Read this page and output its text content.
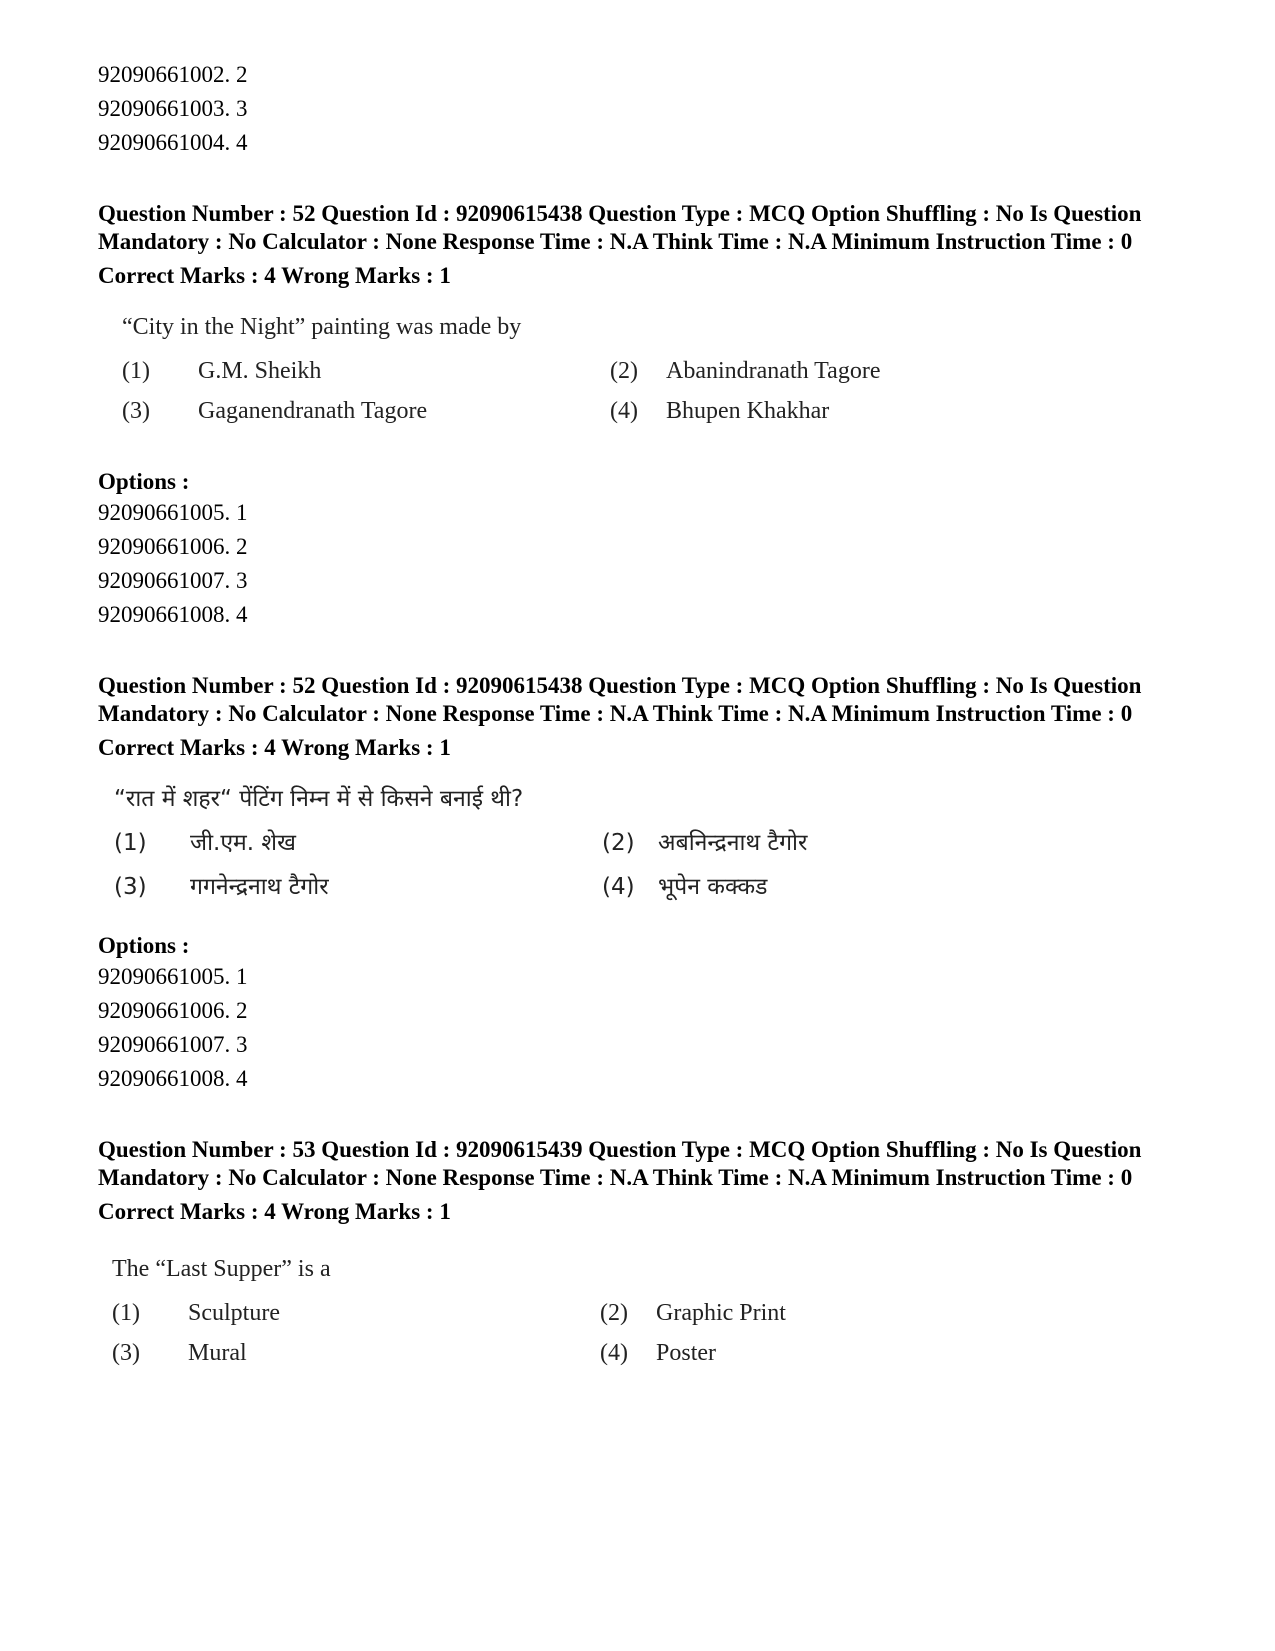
92090661002. 2
92090661003. 3
92090661004. 4
Question Number : 52 Question Id : 92090615438 Question Type : MCQ Option Shuffling : No Is Question Mandatory : No Calculator : None Response Time : N.A Think Time : N.A Minimum Instruction Time : 0
Correct Marks : 4 Wrong Marks : 1
“City in the Night” painting was made by
(1)	G.M. Sheikh	(2)	Abanindranath Tagore
(3)	Gaganendranath Tagore	(4)	Bhupen Khakhar
Options :
92090661005. 1
92090661006. 2
92090661007. 3
92090661008. 4
Question Number : 52 Question Id : 92090615438 Question Type : MCQ Option Shuffling : No Is Question Mandatory : No Calculator : None Response Time : N.A Think Time : N.A Minimum Instruction Time : 0
Correct Marks : 4 Wrong Marks : 1
“रात में शहर“ पेंटिंग निम्न में से किसने बनाई थी?
(1)	जी.एम. शेख	(2)	अबनिन्द्रनाथ टैगोर
(3)	गगनेन्द्रनाथ टैगोर	(4)	भूपेन कक्कड
Options :
92090661005. 1
92090661006. 2
92090661007. 3
92090661008. 4
Question Number : 53 Question Id : 92090615439 Question Type : MCQ Option Shuffling : No Is Question Mandatory : No Calculator : None Response Time : N.A Think Time : N.A Minimum Instruction Time : 0
Correct Marks : 4 Wrong Marks : 1
The “Last Supper” is a
(1)	Sculpture	(2)	Graphic Print
(3)	Mural	(4)	Poster
